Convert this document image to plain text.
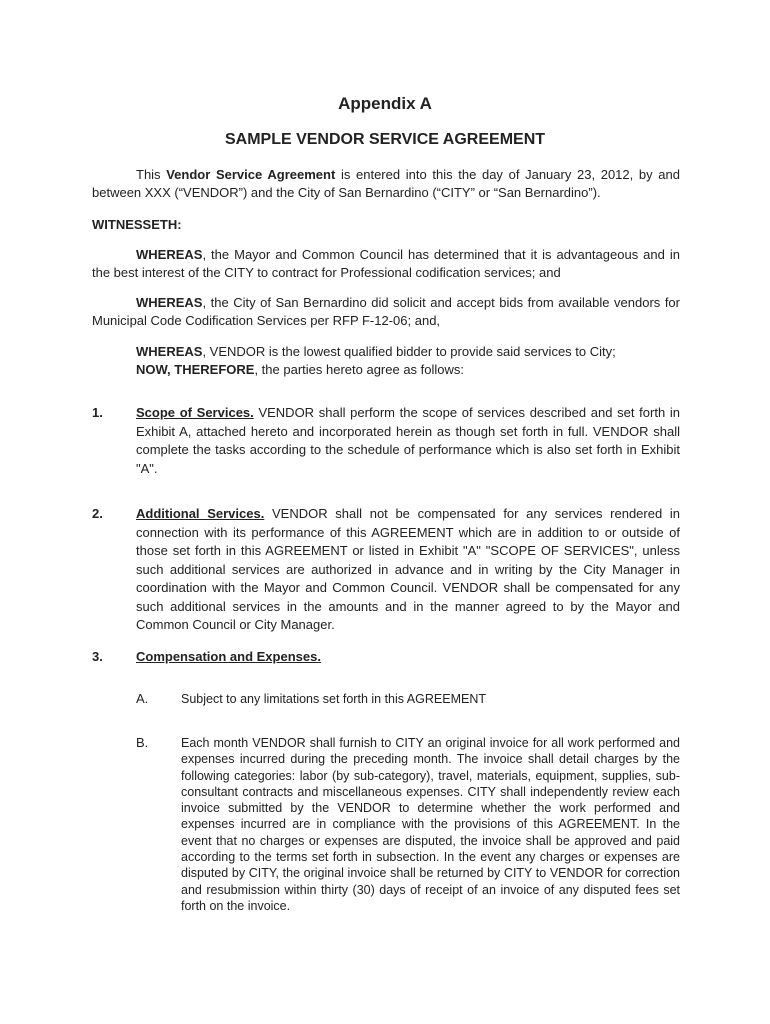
Appendix A
SAMPLE VENDOR SERVICE AGREEMENT
This Vendor Service Agreement is entered into this the day of January 23, 2012, by and between XXX (“VENDOR”) and the City of San Bernardino (“CITY” or “San Bernardino”).
WITNESSETH:
WHEREAS, the Mayor and Common Council has determined that it is advantageous and in the best interest of the CITY to contract for Professional codification services; and
WHEREAS, the City of San Bernardino did solicit and accept bids from available vendors for Municipal Code Codification Services per RFP F-12-06; and,
WHEREAS, VENDOR is the lowest qualified bidder to provide said services to City;
NOW, THEREFORE, the parties hereto agree as follows:
1.	Scope of Services. VENDOR shall perform the scope of services described and set forth in Exhibit A, attached hereto and incorporated herein as though set forth in full. VENDOR shall complete the tasks according to the schedule of performance which is also set forth in Exhibit "A".
2.	Additional Services. VENDOR shall not be compensated for any services rendered in connection with its performance of this AGREEMENT which are in addition to or outside of those set forth in this AGREEMENT or listed in Exhibit "A" "SCOPE OF SERVICES", unless such additional services are authorized in advance and in writing by the City Manager in coordination with the Mayor and Common Council. VENDOR shall be compensated for any such additional services in the amounts and in the manner agreed to by the Mayor and Common Council or City Manager.
3.	Compensation and Expenses.
A.	Subject to any limitations set forth in this AGREEMENT
B.	Each month VENDOR shall furnish to CITY an original invoice for all work performed and expenses incurred during the preceding month. The invoice shall detail charges by the following categories: labor (by sub-category), travel, materials, equipment, supplies, sub-consultant contracts and miscellaneous expenses. CITY shall independently review each invoice submitted by the VENDOR to determine whether the work performed and expenses incurred are in compliance with the provisions of this AGREEMENT. In the event that no charges or expenses are disputed, the invoice shall be approved and paid according to the terms set forth in subsection. In the event any charges or expenses are disputed by CITY, the original invoice shall be returned by CITY to VENDOR for correction and resubmission within thirty (30) days of receipt of an invoice of any disputed fees set forth on the invoice.
